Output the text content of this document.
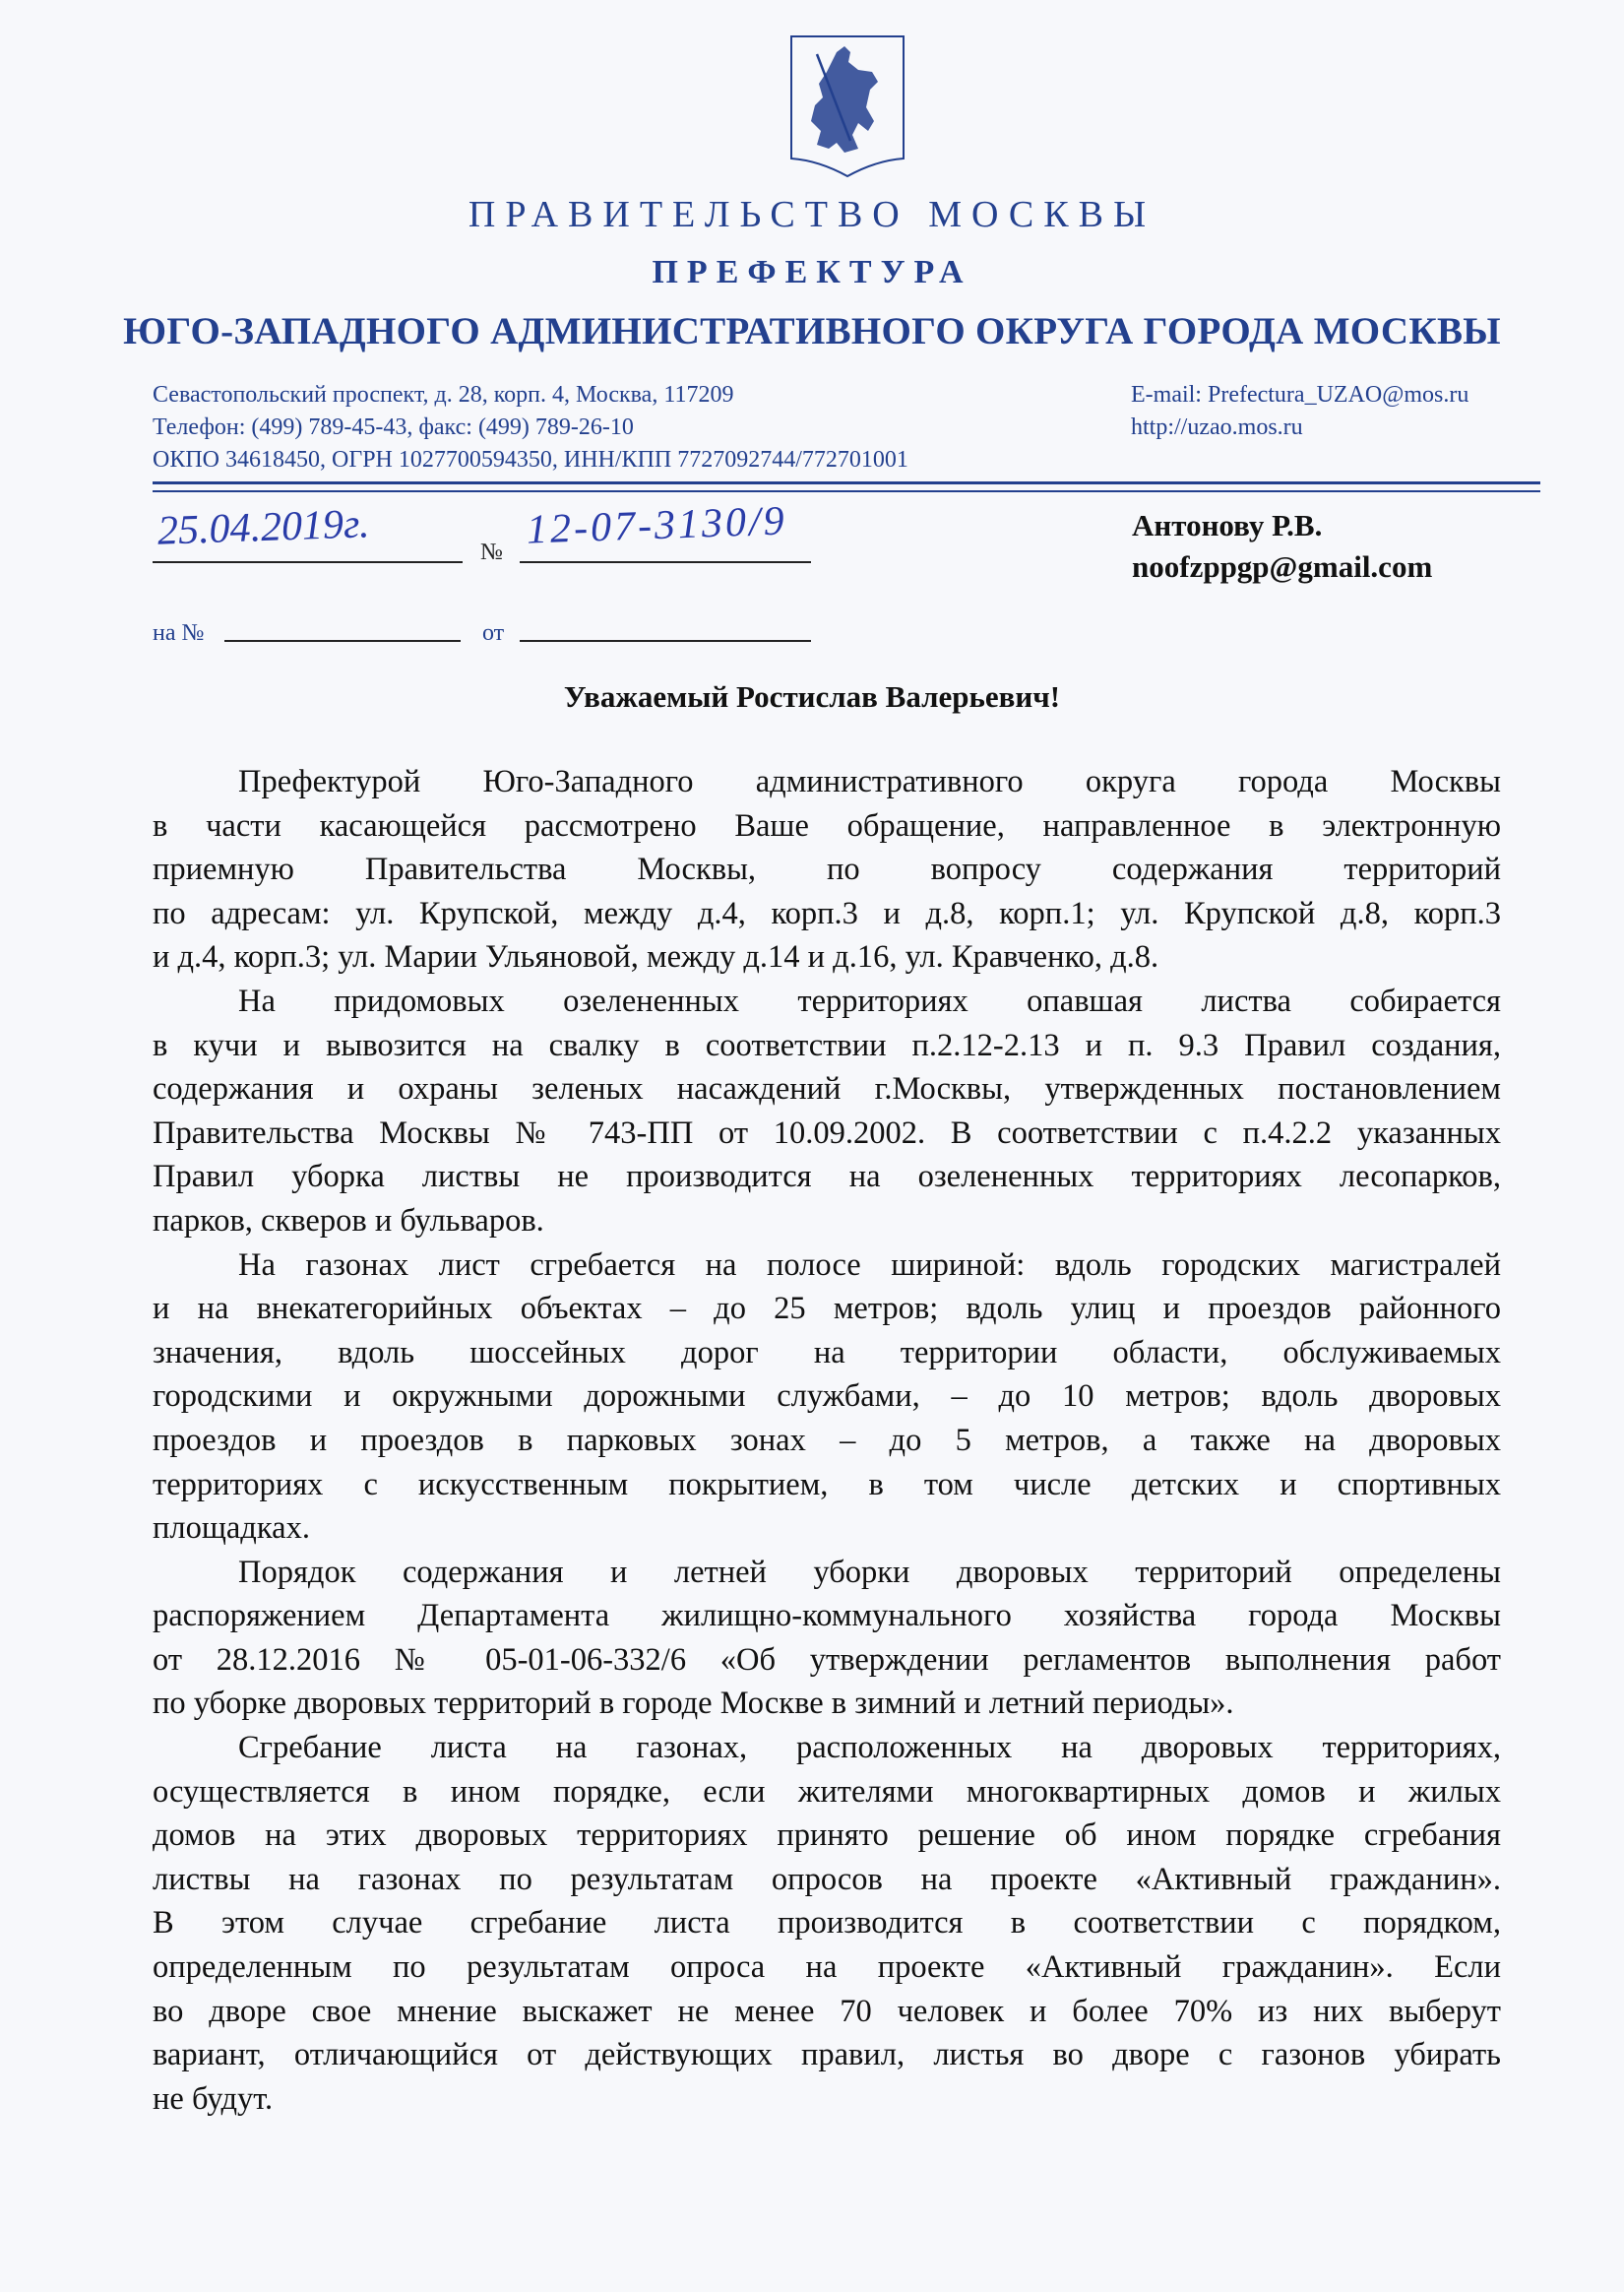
ПРАВИТЕЛЬСТВО МОСКВЫ
ПРЕФЕКТУРА
ЮГО-ЗАПАДНОГО АДМИНИСТРАТИВНОГО ОКРУГА ГОРОДА МОСКВЫ
Севастопольский проспект, д. 28, корп. 4, Москва, 117209
Телефон: (499) 789-45-43, факс: (499) 789-26-10
ОКПО 34618450, ОГРН 1027700594350, ИНН/КПП 7727092744/772701001
E-mail: Prefectura_UZAO@mos.ru
http://uzao.mos.ru
25.04.2019г.	№ 12-07-3130/9
на №	от
Антонову Р.В.
noofzppgp@gmail.com
Уважаемый Ростислав Валерьевич!
Префектурой Юго-Западного административного округа города Москвы
в части касающейся рассмотрено Ваше обращение, направленное в электронную
приемную Правительства Москвы, по вопросу содержания территорий
по адресам: ул. Крупской, между д.4, корп.3 и д.8, корп.1; ул. Крупской д.8, корп.3
и д.4, корп.3; ул. Марии Ульяновой, между д.14 и д.16, ул. Кравченко, д.8.
На придомовых озелененных территориях опавшая листва собирается
в кучи и вывозится на свалку в соответствии п.2.12-2.13 и п. 9.3 Правил создания,
содержания и охраны зеленых насаждений г.Москвы, утвержденных постановлением
Правительства Москвы № 743-ПП от 10.09.2002. В соответствии с п.4.2.2 указанных
Правил уборка листвы не производится на озелененных территориях лесопарков,
парков, скверов и бульваров.
На газонах лист сгребается на полосе шириной: вдоль городских магистралей
и на внекатегорийных объектах – до 25 метров; вдоль улиц и проездов районного
значения, вдоль шоссейных дорог на территории области, обслуживаемых
городскими и окружными дорожными службами, – до 10 метров; вдоль дворовых
проездов и проездов в парковых зонах – до 5 метров, а также на дворовых
территориях с искусственным покрытием, в том числе детских и спортивных
площадках.
Порядок содержания и летней уборки дворовых территорий определены
распоряжением Департамента жилищно-коммунального хозяйства города Москвы
от 28.12.2016 № 05-01-06-332/6 «Об утверждении регламентов выполнения работ
по уборке дворовых территорий в городе Москве в зимний и летний периоды».
Сгребание листа на газонах, расположенных на дворовых территориях,
осуществляется в ином порядке, если жителями многоквартирных домов и жилых
домов на этих дворовых территориях принято решение об ином порядке сгребания
листвы на газонах по результатам опросов на проекте «Активный гражданин».
В этом случае сгребание листа производится в соответствии с порядком,
определенным по результатам опроса на проекте «Активный гражданин». Если
во дворе свое мнение выскажет не менее 70 человек и более 70% из них выберут
вариант, отличающийся от действующих правил, листья во дворе с газонов убирать
не будут.
